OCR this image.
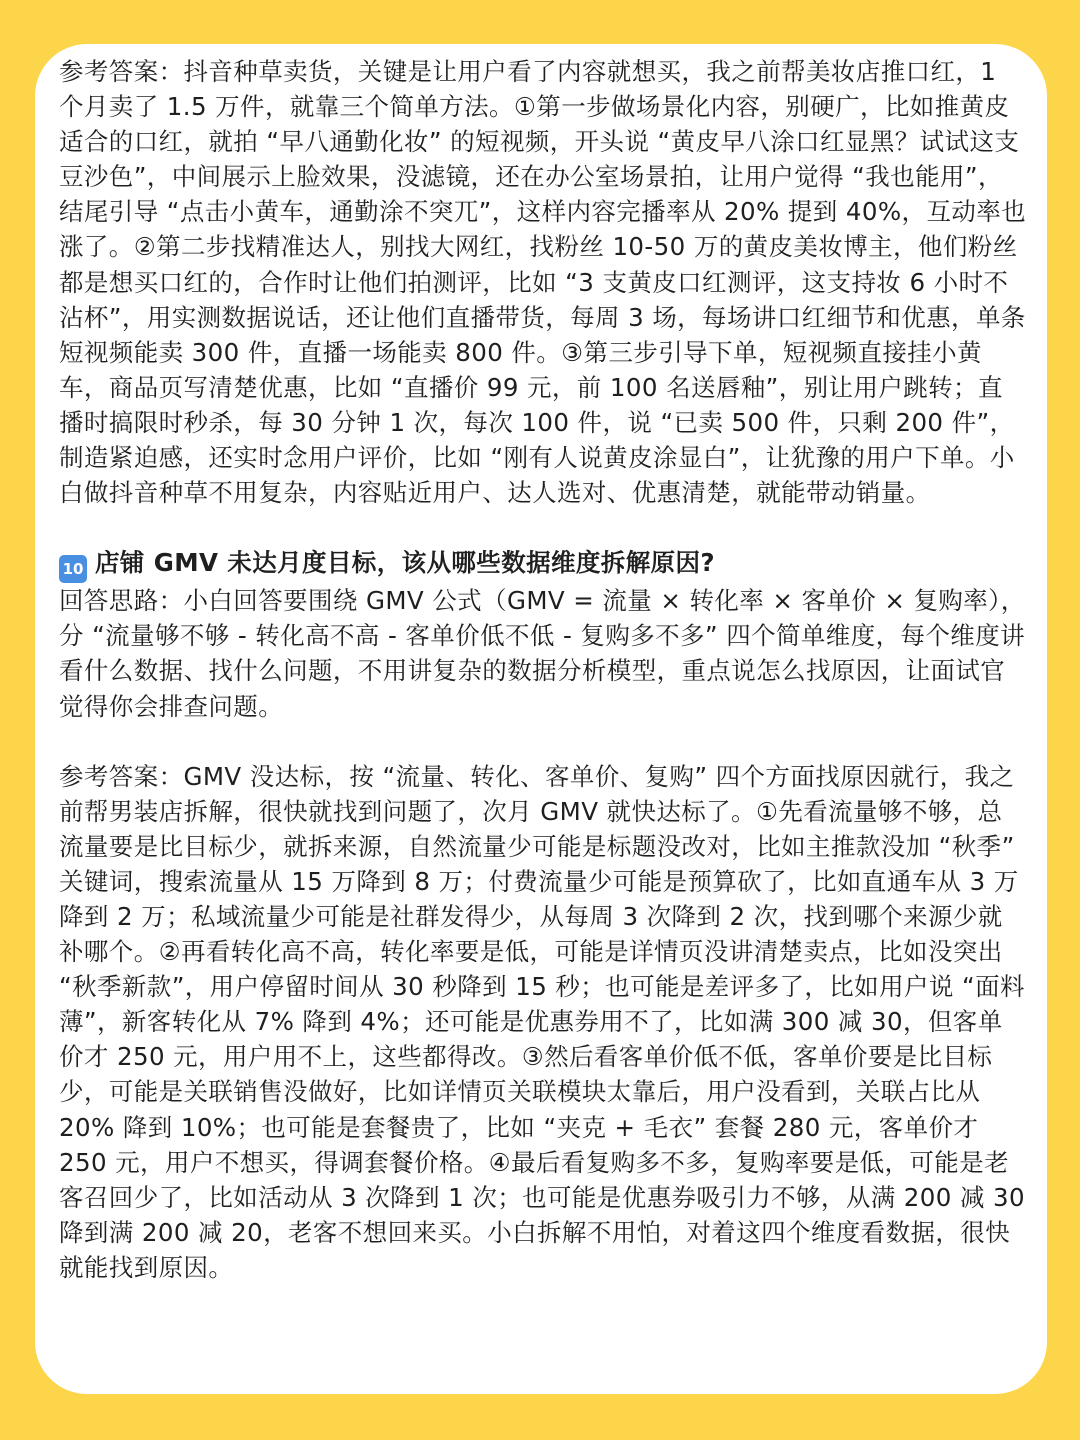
参考答案：抖音种草卖货，关键是让用户看了内容就想买，我之前帮美妆店推口红，1 个月卖了 1.5 万件，就靠三个简单方法。①第一步做场景化内容，别硬广，比如推黄皮适合的口红，就拍 “早八通勤化妆” 的短视频，开头说 “黄皮早八涂口红显黑？试试这支豆沙色”，中间展示上脸效果，没滤镜，还在办公室场景拍，让用户觉得 “我也能用”，结尾引导 “点击小黄车，通勤涂不突兀”，这样内容完播率从 20% 提到 40%，互动率也涨了。②第二步找精准达人，别找大网红，找粉丝 10-50 万的黄皮美妆博主，他们粉丝都是想买口红的，合作时让他们拍测评，比如 “3 支黄皮口红测评，这支持妆 6 小时不沾杯”，用实测数据说话，还让他们直播带货，每周 3 场，每场讲口红细节和优惠，单条短视频能卖 300 件，直播一场能卖 800 件。③第三步引导下单，短视频直接挂小黄车，商品页写清楚优惠，比如 “直播价 99 元，前 100 名送唇釉”，别让用户跳转；直播时搞限时秒杀，每 30 分钟 1 次，每次 100 件，说 “已卖 500 件，只剩 200 件”，制造紧迫感，还实时念用户评价，比如 “刚有人说黄皮涂显白”，让犹豫的用户下单。小白做抖音种草不用复杂，内容贴近用户、达人选对、优惠清楚，就能带动销量。

10 店铺 GMV 未达月度目标，该从哪些数据维度拆解原因?

回答思路：小白回答要围绕 GMV 公式（GMV = 流量 × 转化率 × 客单价 × 复购率），分 “流量够不够 - 转化高不高 - 客单价低不低 - 复购多不多” 四个简单维度，每个维度讲看什么数据、找什么问题，不用讲复杂的数据分析模型，重点说怎么找原因，让面试官觉得你会排查问题。

参考答案：GMV 没达标，按 “流量、转化、客单价、复购” 四个方面找原因就行，我之前帮男装店拆解，很快就找到问题了，次月 GMV 就快达标了。①先看流量够不够，总流量要是比目标少，就拆来源，自然流量少可能是标题没改对，比如主推款没加 “秋季” 关键词，搜索流量从 15 万降到 8 万；付费流量少可能是预算砍了，比如直通车从 3 万降到 2 万；私域流量少可能是社群发得少，从每周 3 次降到 2 次，找到哪个来源少就补哪个。②再看转化高不高，转化率要是低，可能是详情页没讲清楚卖点，比如没突出 “秋季新款”，用户停留时间从 30 秒降到 15 秒；也可能是差评多了，比如用户说 “面料薄”，新客转化从 7% 降到 4%；还可能是优惠券用不了，比如满 300 减 30，但客单价才 250 元，用户用不上，这些都得改。③然后看客单价低不低，客单价要是比目标少，可能是关联销售没做好，比如详情页关联模块太靠后，用户没看到，关联占比从 20% 降到 10%；也可能是套餐贵了，比如 “夹克 + 毛衣” 套餐 280 元，客单价才 250 元，用户不想买，得调套餐价格。④最后看复购多不多，复购率要是低，可能是老客召回少了，比如活动从 3 次降到 1 次；也可能是优惠券吸引力不够，从满 200 减 30 降到满 200 减 20，老客不想回来买。小白拆解不用怕，对着这四个维度看数据，很快就能找到原因。
